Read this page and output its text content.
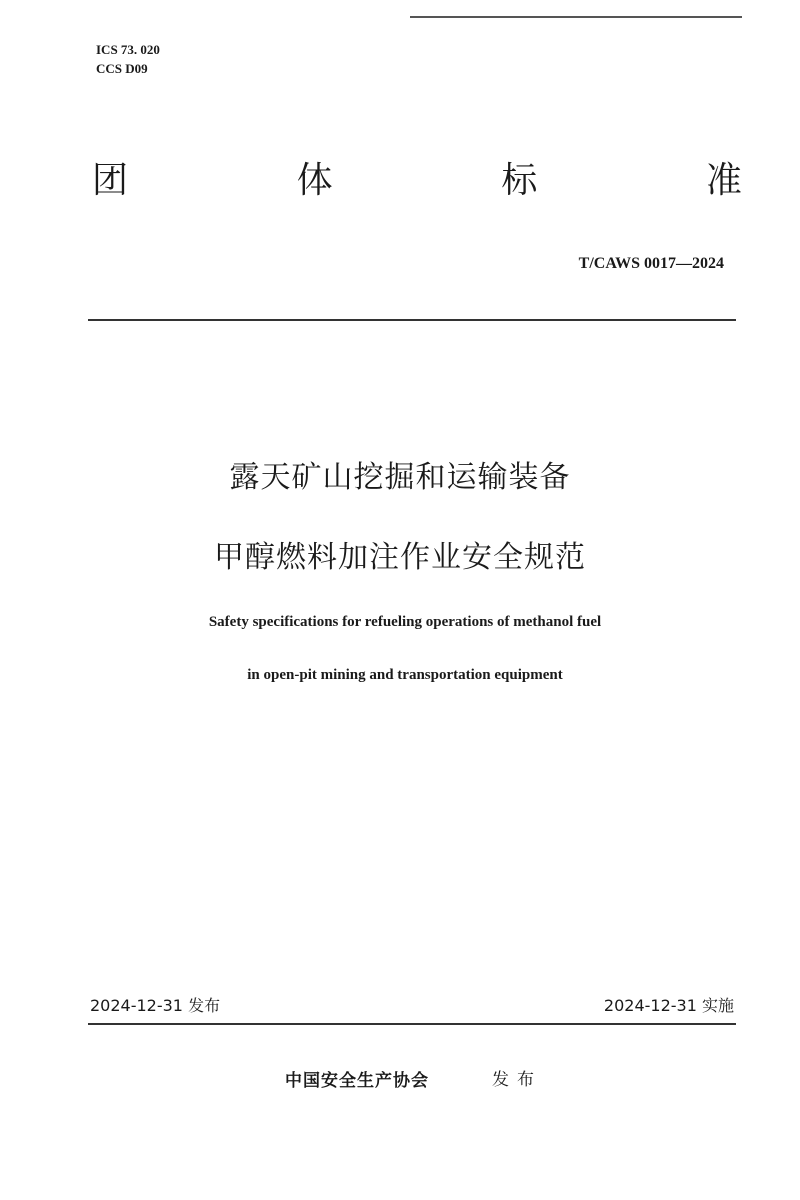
ICS 73. 020
CCS D09
团	体	标	准
T/CAWS 0017—2024
露天矿山挖掘和运输装备
甲醇燃料加注作业安全规范
Safety specifications for refueling operations of methanol fuel
in open-pit mining and transportation equipment
2024-12-31 发布	2024-12-31 实施
中国安全生产协会	发布
